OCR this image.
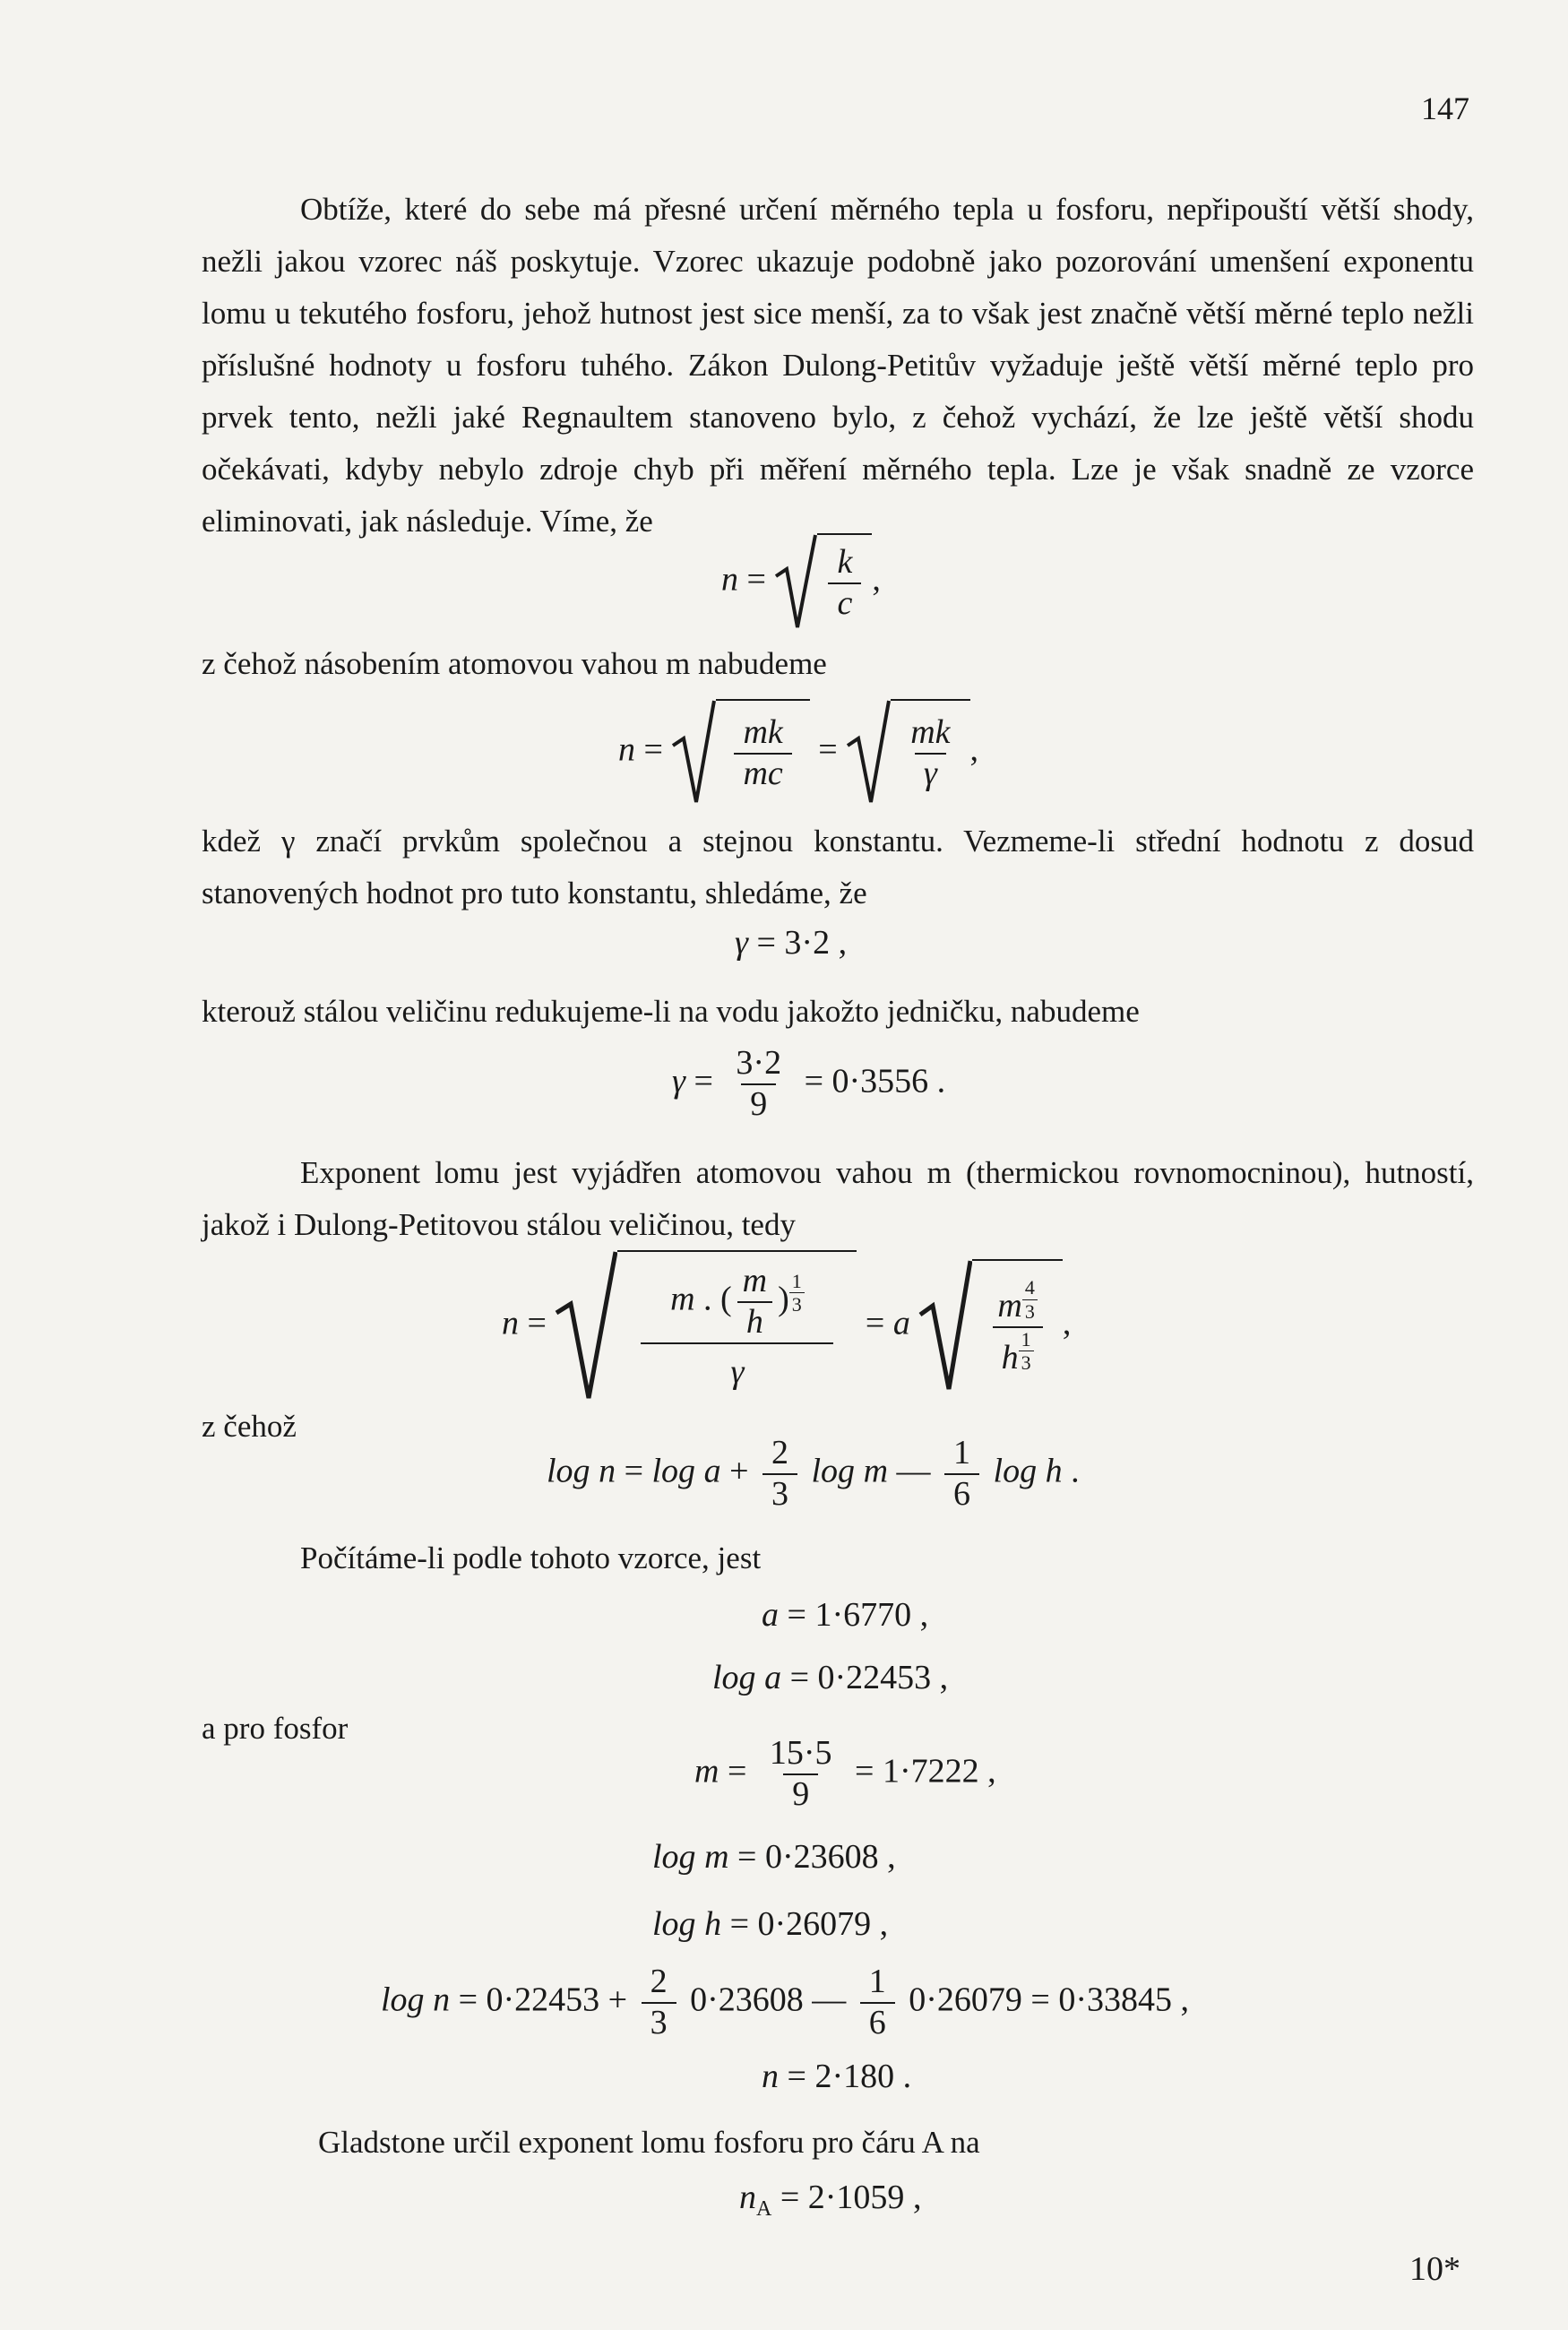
147
Obtíže, které do sebe má přesné určení měrného tepla u fosforu, nepřipouští větší shody, nežli jakou vzorec náš poskytuje. Vzorec ukazuje podobně jako pozorování umenšení exponentu lomu u tekutého fosforu, jehož hutnost jest sice menší, za to však jest značně větší měrné teplo nežli příslušné hodnoty u fosforu tuhého. Zákon Dulong-Petitův vyžaduje ještě větší měrné teplo pro prvek tento, nežli jaké Regnaultem stanoveno bylo, z čehož vychází, že lze ještě větší shodu očekávati, kdyby nebylo zdroje chyb při měření měrného tepla. Lze je však snadně ze vzorce eliminovati, jak následuje. Víme, že
$n = \frac{k}{c}$ ,
z čehož násobením atomovou vahou m nabudeme
$n = \frac{mk}{mc} = \frac{mk}{\gamma}$ ,
kdež γ značí prvkům společnou a stejnou konstantu. Vezmeme-li střední hodnotu z dosud stanovených hodnot pro tuto konstantu, shledáme, že
γ = 3·2 ,
kterouž stálou veličinu redukujeme-li na vodu jakožto jedničku, nabudeme
$\gamma = \frac{3\cdot 2}{9} = 0\cdot 3556$ .
Exponent lomu jest vyjádřen atomovou vahou m (thermickou rovnomocninou), hutností, jakož i Dulong-Petitovou stálou veličinou, tedy
n =	m . ( $\frac{m}{h}$ ) $^{\frac{1}{3}}$
γ = a m $^{\frac{4}{3}}$
h $^{\frac{1}{3}}$ ,
z čehož
$\log n = \log a + \frac{2}{3}$ log m — $\frac{1}{6}$ log h .
Počítáme-li podle tohoto vzorce, jest
a = 1·6770 ,
log a = 0·22453 ,
a pro fosfor
$m = \frac{15\cdot 5}{9} = 1\cdot 7222$ ,
log m = 0·23608 ,
log h = 0·26079 ,
$\log n = 0\cdot 22453 + \frac{2}{3} 0\cdot 23608$ — $\frac{1}{6} 0\cdot 26079 = 0\cdot 33845$ ,
n = 2·180 .
Gladstone určil exponent lomu fosforu pro čáru A na
$n_A = 2\cdot 1059$ ,
10*
